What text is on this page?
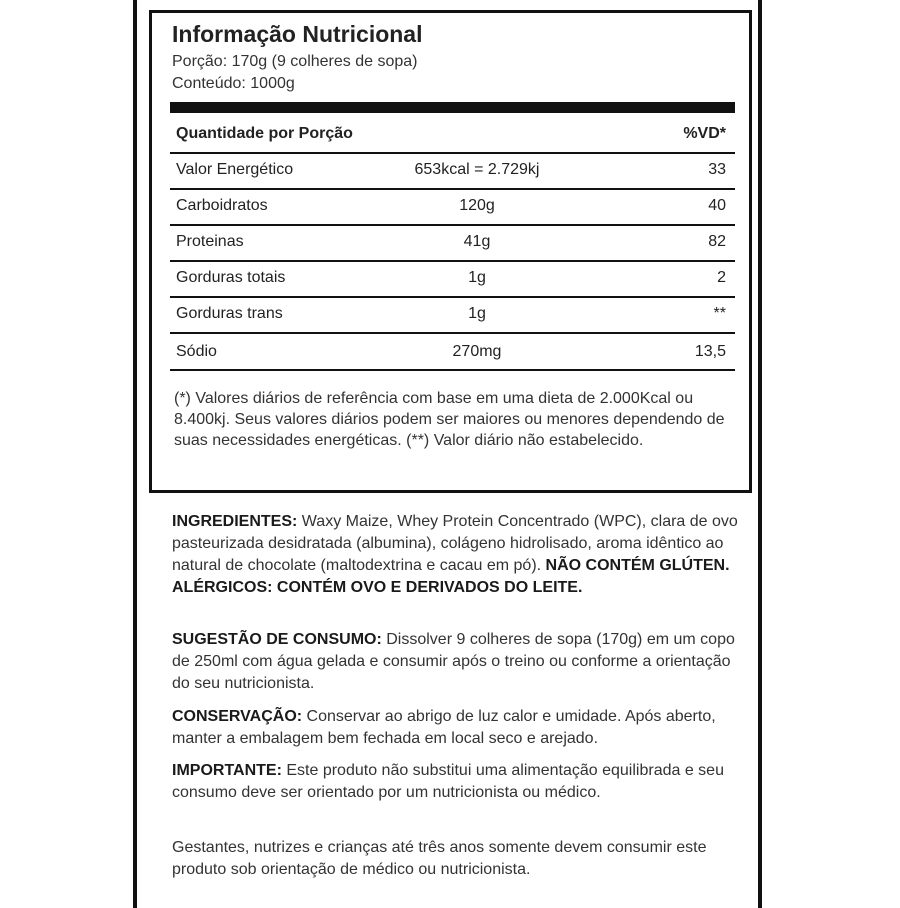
Informação Nutricional
Porção: 170g (9 colheres de sopa)
Conteúdo: 1000g
Quantidade por Porção	%VD*
Valor Energético	653kcal = 2.729kj	33
Carboidratos	120g	40
Proteinas	41g	82
Gorduras totais	1g	2
Gorduras trans	1g	**
Sódio	270mg	13,5
(*) Valores diários de referência com base em uma dieta de 2.000Kcal ou 8.400kj. Seus valores diários podem ser maiores ou menores dependendo de suas necessidades energéticas. (**) Valor diário não estabelecido.
INGREDIENTES: Waxy Maize, Whey Protein Concentrado (WPC), clara de ovo pasteurizada desidratada (albumina), colágeno hidrolisado, aroma idêntico ao natural de chocolate (maltodextrina e cacau em pó). NÃO CONTÉM GLÚTEN. ALÉRGICOS: CONTÉM OVO E DERIVADOS DO LEITE.
SUGESTÃO DE CONSUMO: Dissolver 9 colheres de sopa (170g) em um copo de 250ml com água gelada e consumir após o treino ou conforme a orientação do seu nutricionista.
CONSERVAÇÃO: Conservar ao abrigo de luz calor e umidade. Após aberto, manter a embalagem bem fechada em local seco e arejado.
IMPORTANTE: Este produto não substitui uma alimentação equilibrada e seu consumo deve ser orientado por um nutricionista ou médico.
Gestantes, nutrizes e crianças até três anos somente devem consumir este produto sob orientação de médico ou nutricionista.
